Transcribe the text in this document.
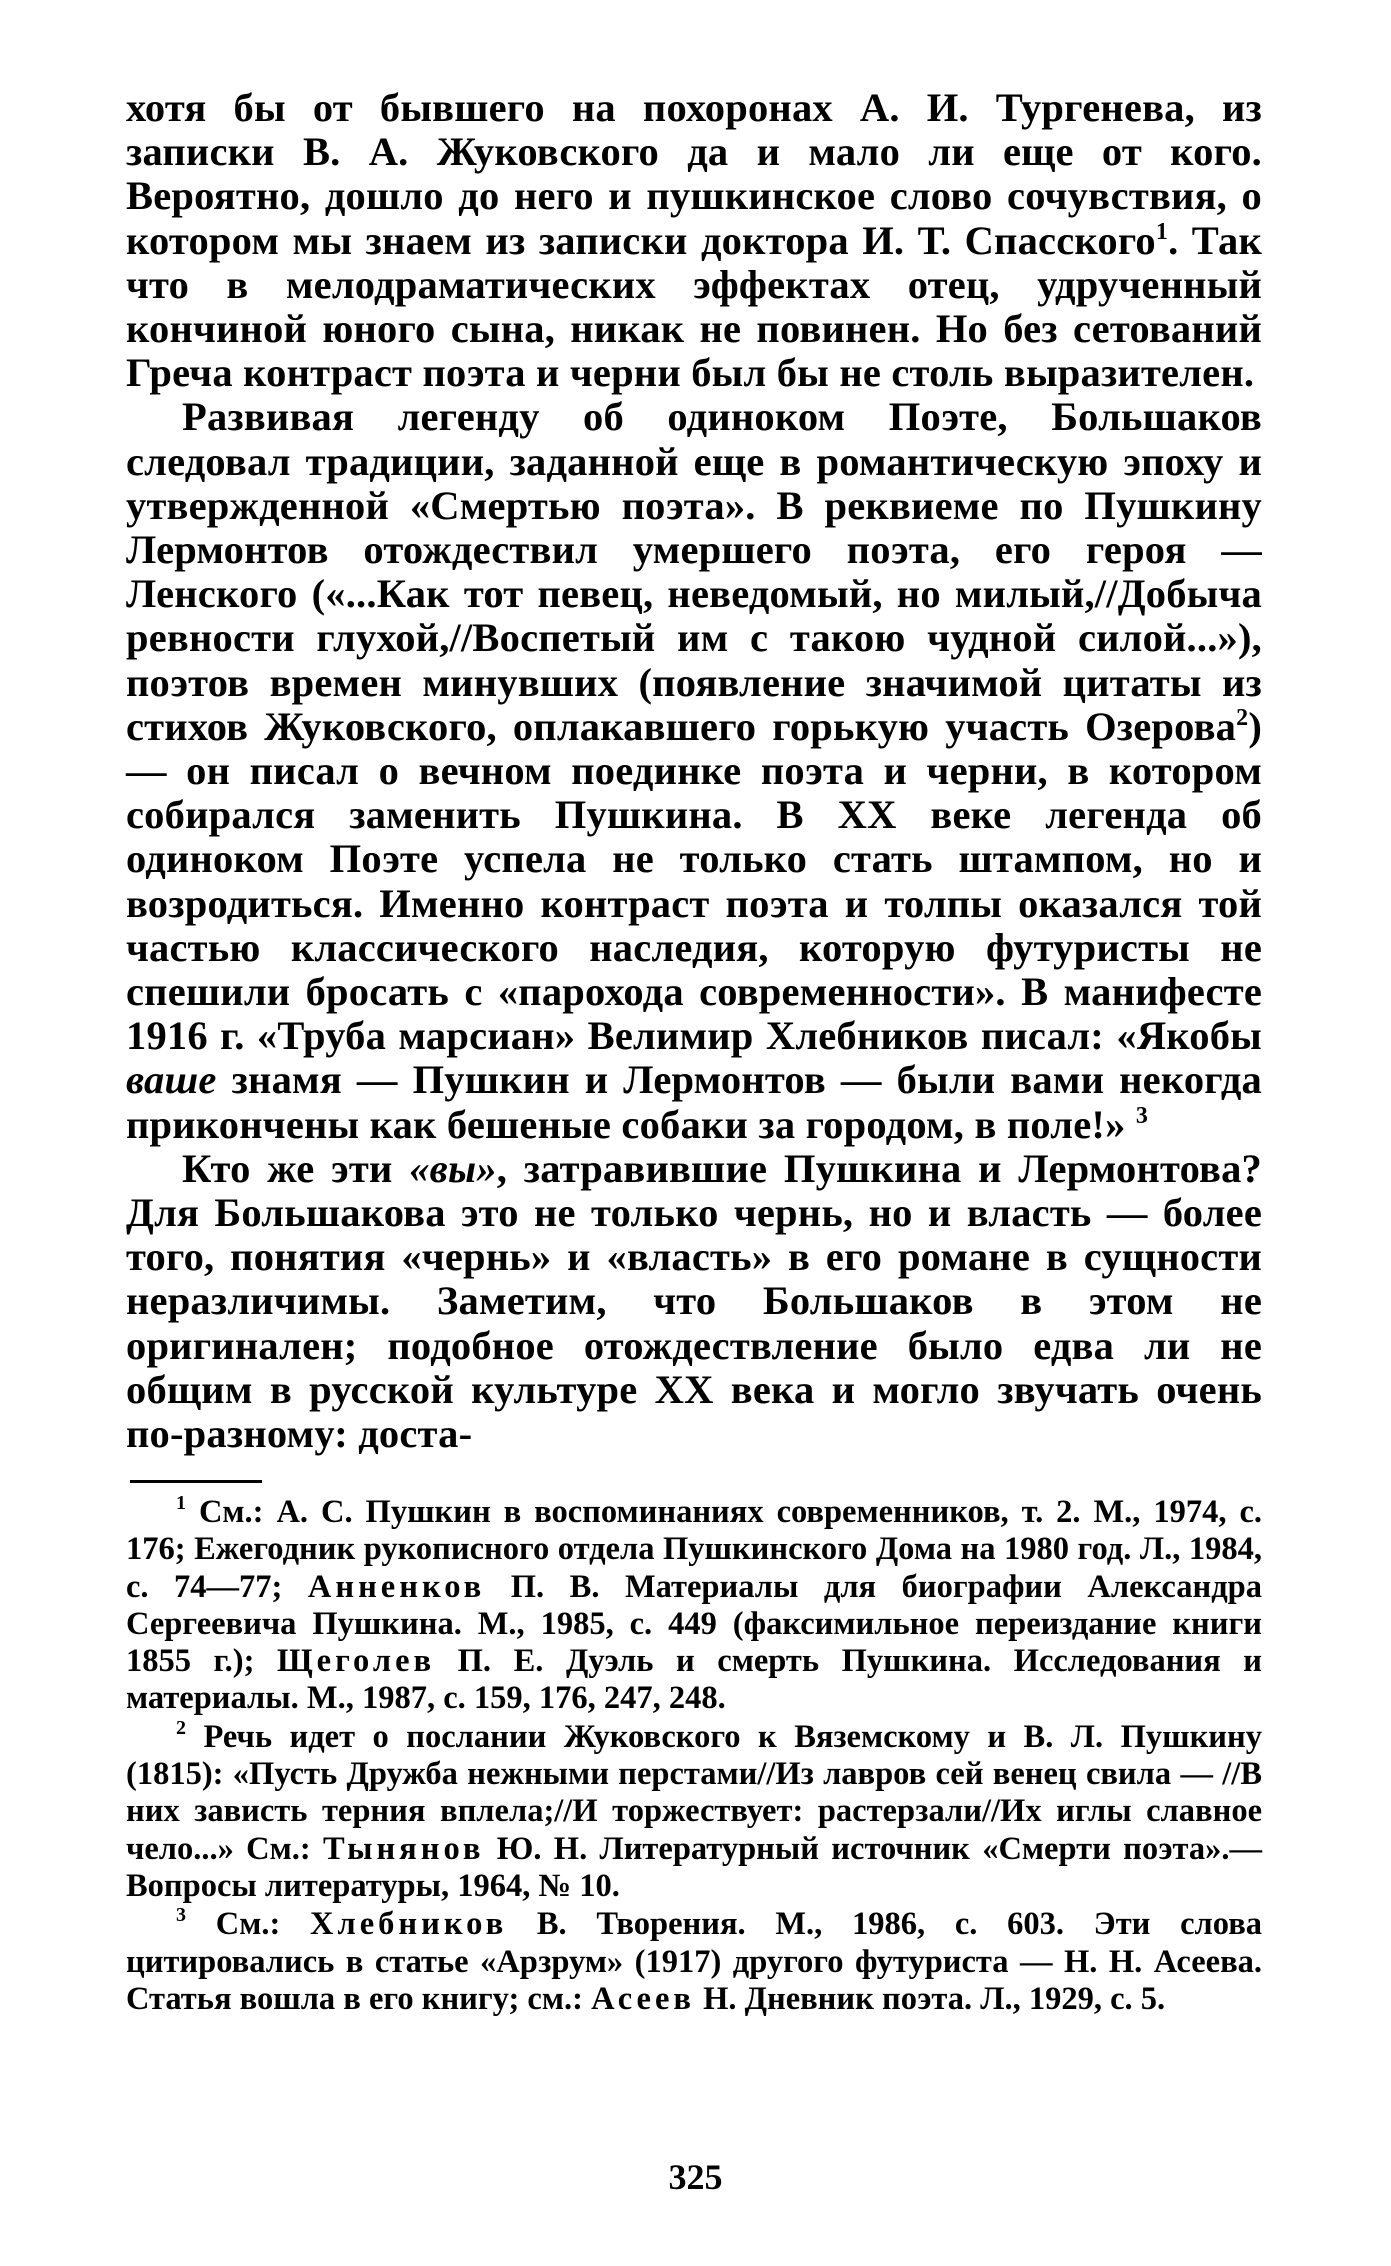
хотя бы от бывшего на похоронах А. И. Тургенева, из записки В. А. Жуковского да и мало ли еще от кого. Вероятно, дошло до него и пушкинское слово сочувствия, о котором мы знаем из записки доктора И. Т. Спасского$^1$. Так что в мелодраматических эффектах отец, удрученный кончиной юного сына, никак не повинен. Но без сетований Греча контраст поэта и черни был бы не столь выразителен.

Развивая легенду об одиноком Поэте, Большаков следовал традиции, заданной еще в романтическую эпоху и утвержденной «Смертью поэта». В реквиеме по Пушкину Лермонтов отождествил умершего поэта, его героя — Ленского («...Как тот певец, неведомый, но милый,//Добыча ревности глухой,//Воспетый им с такою чудной силой...»), поэтов времен минувших (появление значимой цитаты из стихов Жуковского, оплакавшего горькую участь Озерова$^2$) — он писал о вечном поединке поэта и черни, в котором собирался заменить Пушкина. В XX веке легенда об одиноком Поэте успела не только стать штампом, но и возродиться. Именно контраст поэта и толпы оказался той частью классического наследия, которую футуристы не спешили бросать с «парохода современности». В манифесте 1916 г. «Труба марсиан» Велимир Хлебников писал: «Якобы ваше знамя — Пушкин и Лермонтов — были вами некогда прикончены как бешеные собаки за городом, в поле!» $^3$

Кто же эти «вы», затравившие Пушкина и Лермонтова? Для Большакова это не только чернь, но и власть — более того, понятия «чернь» и «власть» в его романе в сущности неразличимы. Заметим, что Большаков в этом не оригинален; подобное отождествление было едва ли не общим в русской культуре XX века и могло звучать очень по-разному: доста-

$^1$ См.: А. С. Пушкин в воспоминаниях современников, т. 2. М., 1974, с. 176; Ежегодник рукописного отдела Пушкинского Дома на 1980 год. Л., 1984, с. 74—77; Анненков П. В. Материалы для биографии Александра Сергеевича Пушкина. М., 1985, с. 449 (факсимильное переиздание книги 1855 г.); Щеголев П. Е. Дуэль и смерть Пушкина. Исследования и материалы. М., 1987, с. 159, 176, 247, 248.

$^2$ Речь идет о послании Жуковского к Вяземскому и В. Л. Пушкину (1815): «Пусть Дружба нежными перстами//Из лавров сей венец свила — //В них зависть терния вплела;//И торжествует: растерзали//Их иглы славное чело...» См.: Тынянов Ю. Н. Литературный источник «Смерти поэта».— Вопросы литературы, 1964, № 10.

$^3$ См.: Хлебников В. Творения. М., 1986, с. 603. Эти слова цитировались в статье «Арзрум» (1917) другого футуриста — Н. Н. Асеева. Статья вошла в его книгу; см.: Асеев Н. Дневник поэта. Л., 1929, с. 5.

325
